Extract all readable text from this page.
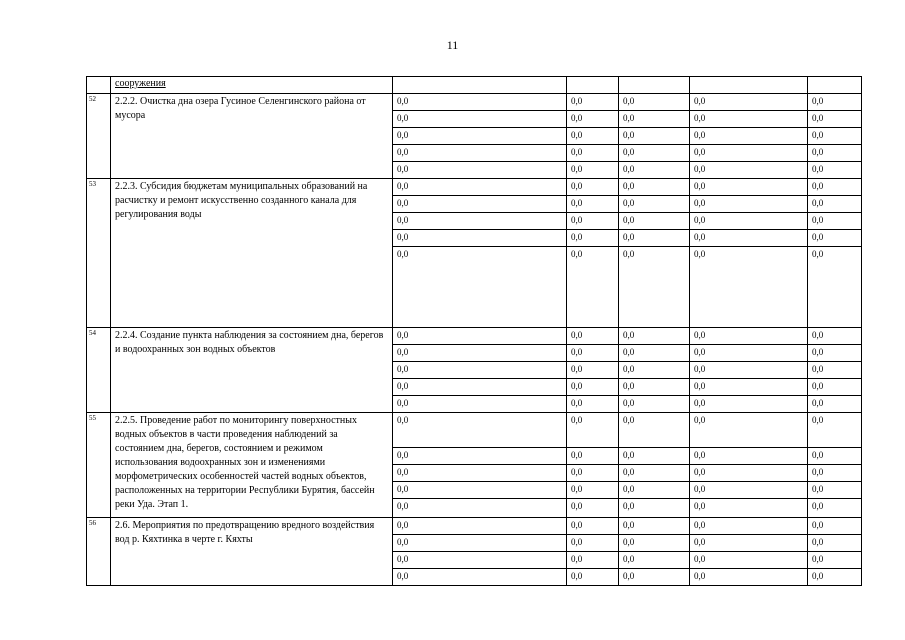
11

	сооружения					

52	2.2.2. Очистка дна озера Гусиное Селенгинского района от мусора	0,0	0,0	0,0	0,0	0,0
		0,0	0,0	0,0	0,0	0,0
		0,0	0,0	0,0	0,0	0,0
		0,0	0,0	0,0	0,0	0,0
		0,0	0,0	0,0	0,0	0,0
53	2.2.3. Субсидия бюджетам муниципальных образований на расчистку и ремонт искусственно созданного канала для регулирования воды	0,0	0,0	0,0	0,0	0,0
		0,0	0,0	0,0	0,0	0,0
		0,0	0,0	0,0	0,0	0,0
		0,0	0,0	0,0	0,0	0,0
		0,0	0,0	0,0	0,0	0,0
54	2.2.4. Создание пункта наблюдения за состоянием дна, берегов и водоохранных зон водных объектов	0,0	0,0	0,0	0,0	0,0
		0,0	0,0	0,0	0,0	0,0
		0,0	0,0	0,0	0,0	0,0
		0,0	0,0	0,0	0,0	0,0
		0,0	0,0	0,0	0,0	0,0
55	2.2.5. Проведение работ по мониторингу поверхностных водных объектов в части проведения наблюдений за состоянием дна, берегов, состоянием и режимом использования водоохранных зон и изменениями морфометрических особенностей частей водных объектов, расположенных на территории Республики Бурятия, бассейн реки Уда. Этап 1.	0,0	0,0	0,0	0,0	0,0
		0,0	0,0	0,0	0,0	0,0
		0,0	0,0	0,0	0,0	0,0
		0,0	0,0	0,0	0,0	0,0
		0,0	0,0	0,0	0,0	0,0
56	2.6. Мероприятия по предотвращению вредного воздействия вод р. Кяхтинка в черте г. Кяхты	0,0	0,0	0,0	0,0	0,0
		0,0	0,0	0,0	0,0	0,0
		0,0	0,0	0,0	0,0	0,0
		0,0	0,0	0,0	0,0	0,0
